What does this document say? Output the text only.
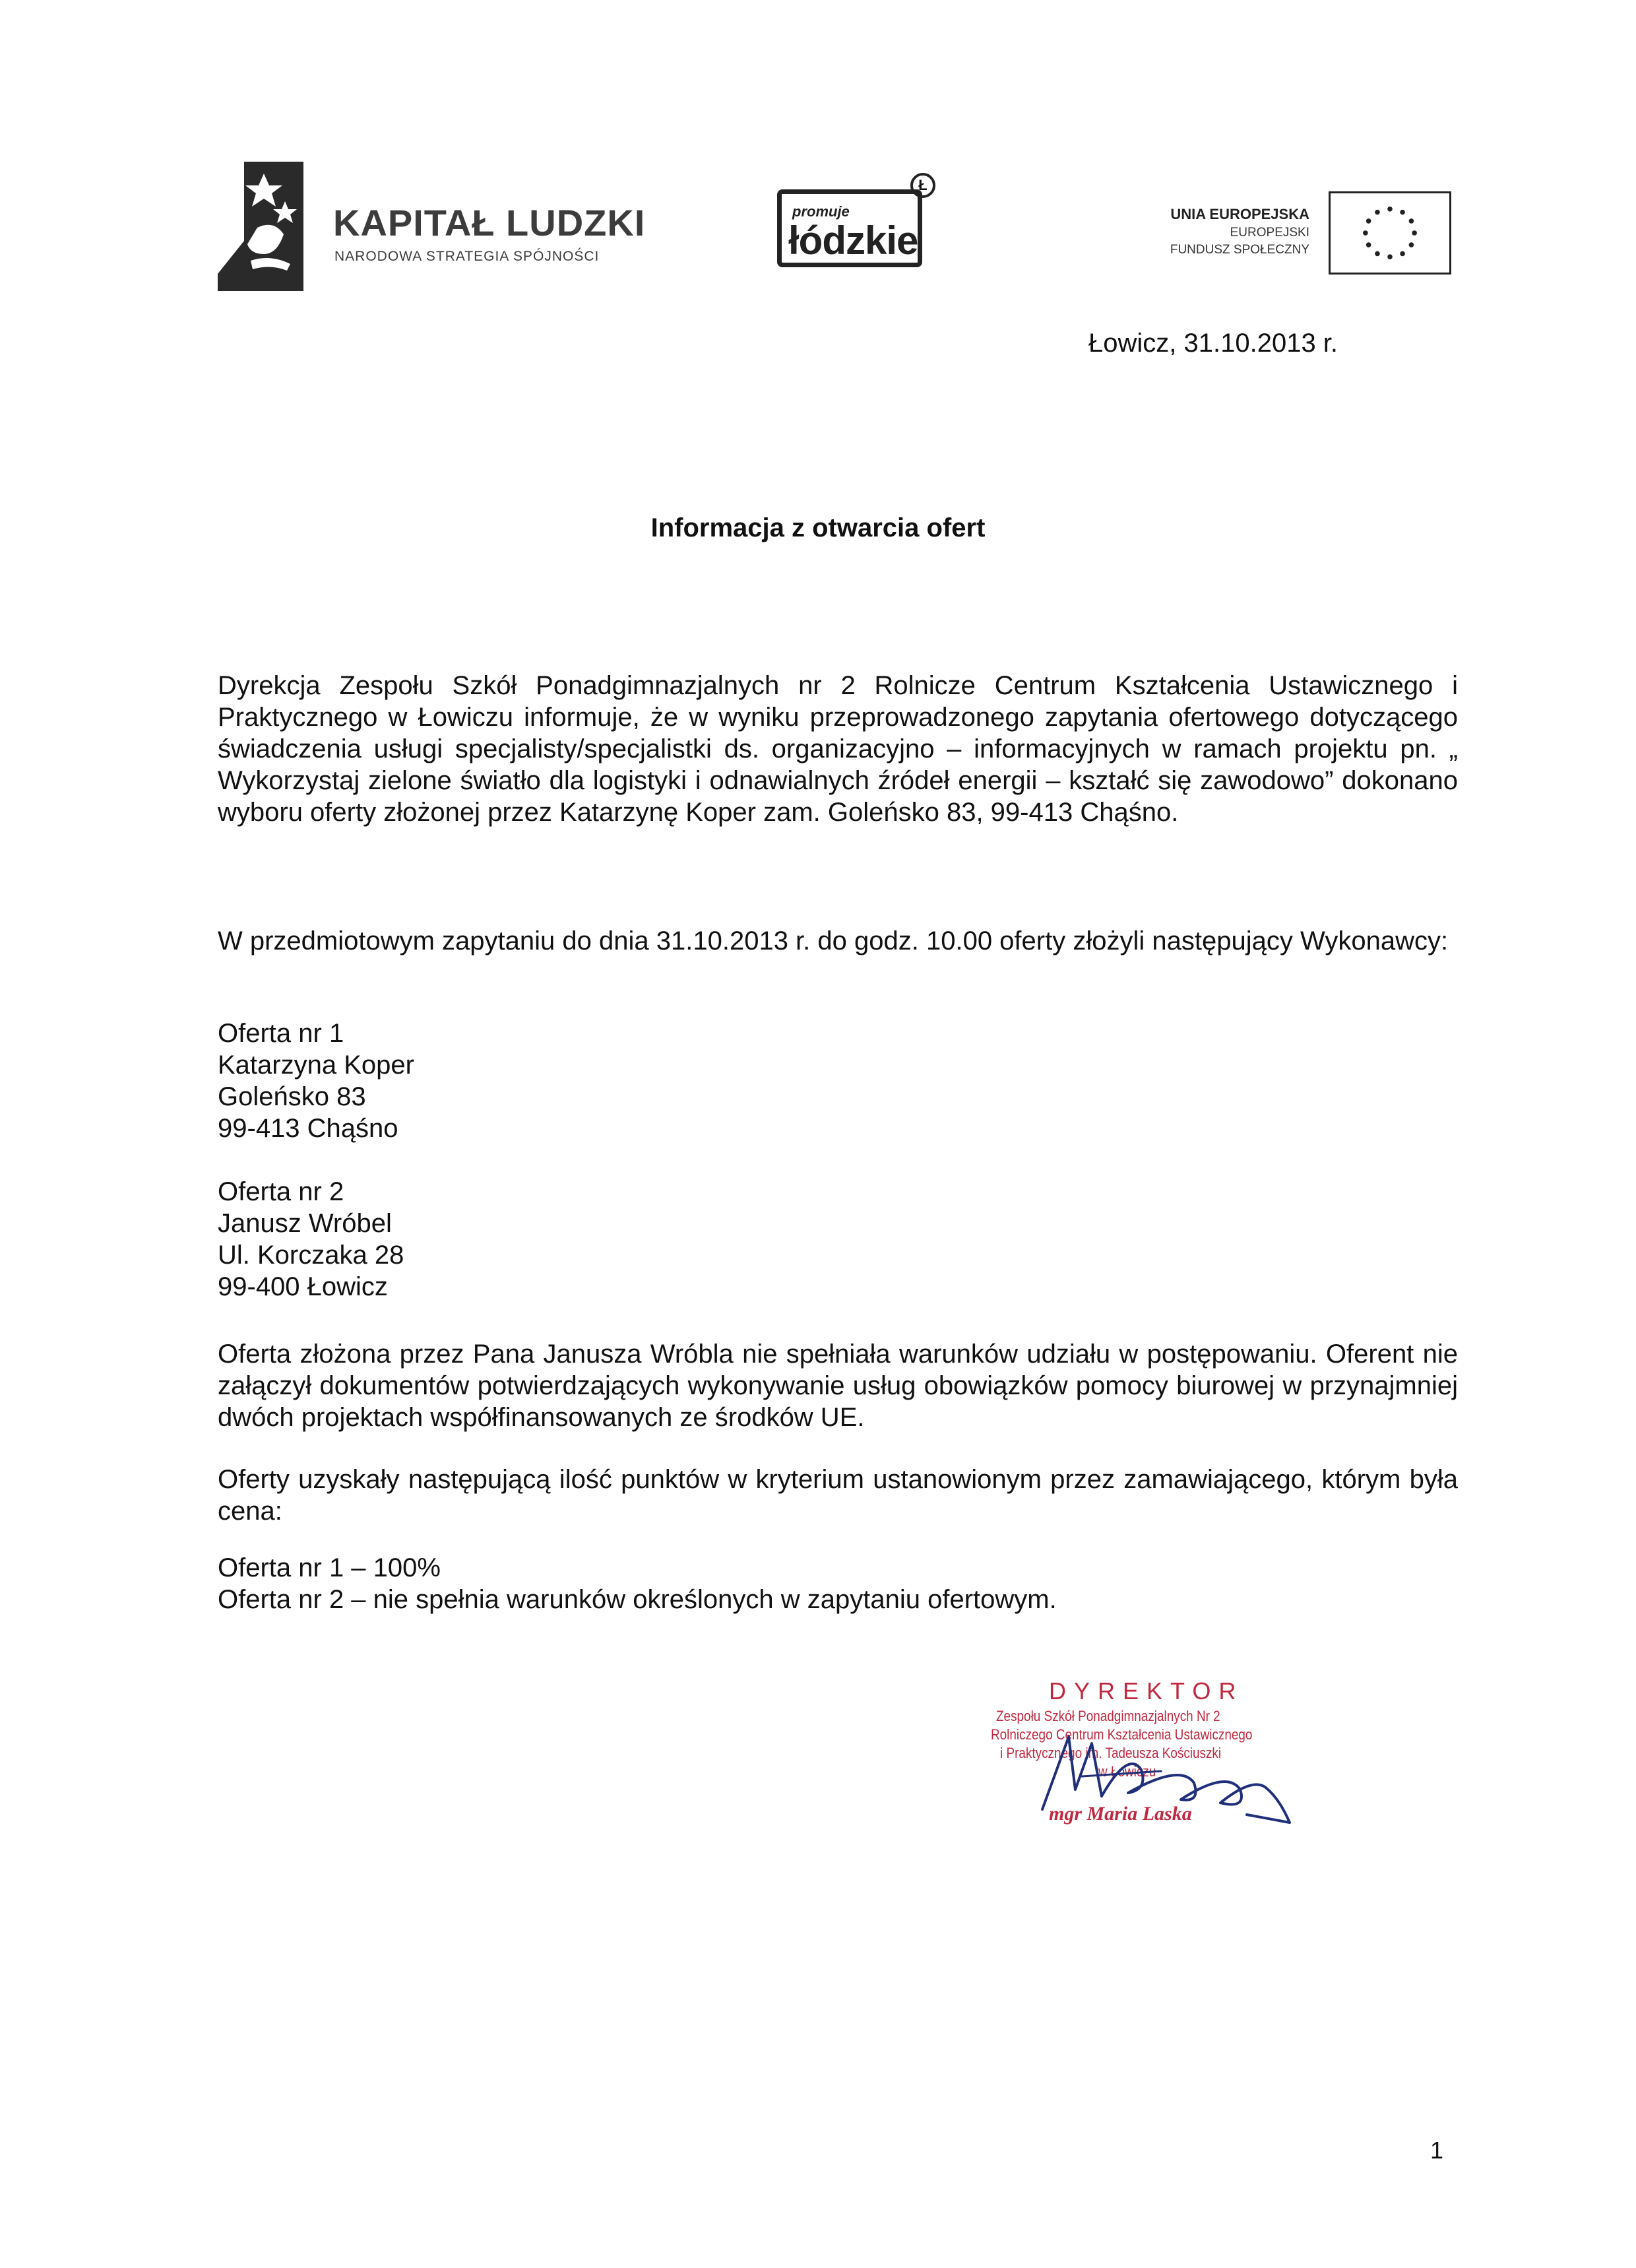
KAPITAŁ LUDZKI
NARODOWA STRATEGIA SPÓJNOŚCI
promuje
łódzkie
Ł
UNIA EUROPEJSKA
EUROPEJSKI
FUNDUSZ SPOŁECZNY
Łowicz, 31.10.2013 r.
Informacja z otwarcia ofert
Dyrekcja Zespołu Szkół Ponadgimnazjalnych nr 2 Rolnicze Centrum Kształcenia Ustawicznego i Praktycznego w Łowiczu informuje, że w wyniku przeprowadzonego zapytania ofertowego dotyczącego świadczenia usługi specjalisty/specjalistki ds. organizacyjno – informacyjnych w ramach projektu pn. „ Wykorzystaj zielone światło dla logistyki i odnawialnych źródeł energii – kształć się zawodowo” dokonano wyboru oferty złożonej przez Katarzynę Koper zam. Goleńsko 83, 99-413 Chąśno.
W przedmiotowym zapytaniu do dnia 31.10.2013 r. do godz. 10.00 oferty złożyli następujący Wykonawcy:
Oferta nr 1
Katarzyna Koper
Goleńsko 83
99-413 Chąśno
Oferta nr 2
Janusz Wróbel
Ul. Korczaka 28
99-400 Łowicz
Oferta złożona przez Pana Janusza Wróbla nie spełniała warunków udziału w postępowaniu. Oferent nie załączył dokumentów potwierdzających wykonywanie usług obowiązków pomocy biurowej w przynajmniej dwóch projektach współfinansowanych ze środków UE.
Oferty uzyskały następującą ilość punktów w kryterium ustanowionym przez zamawiającego, którym była cena:
Oferta nr 1 – 100%
Oferta nr 2 – nie spełnia warunków określonych w zapytaniu ofertowym.
DYREKTOR
Zespołu Szkół Ponadgimnazjalnych Nr 2
Rolniczego Centrum Kształcenia Ustawicznego
i Praktycznego im. Tadeusza Kościuszki
w Łowiczu
mgr Maria Laska
1
